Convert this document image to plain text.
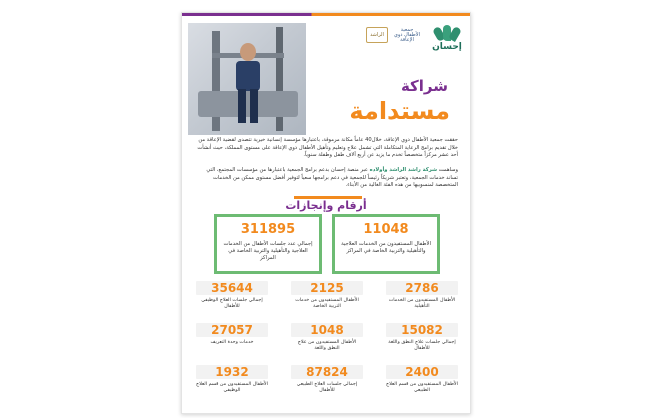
الراشد
جمعية الأطفال ذوي الإعاقة
إحسان
شراكة
مستدامة
حققت جمعية الأطفال ذوي الإعاقة، خلال40 عاماً مكانة مرموقة، باعتبارها مؤسسة إنسانية خيرية تتصدى لقضية الإعاقة من خلال تقديم برامج الرعاية المتكاملة التي تشمل علاج وتعليم وتأهيل الأطفال ذوي الإعاقة على مستوى المملكة، حيث أنشأت أحد عشر مركزاً متخصصاً تخدم ما يزيد عن أربع آلاف طفل وطفلة سنوياً.
وساهمت شركة راشد الراشد وأولاده عبر منصة إحسان بدعم برامج الجمعية باعتبارها من مؤسسات المجتمع، التي تساند خدمات الجمعية، وتعتبر شريكاً رئيساً للجمعية في دعم برامجها سعياً لتوفير أفضل مستوى ممكن من الخدمات المتخصصة لمنسوبيها من هذه الفئة الغالية من الأبناء.
أرقام وإنجازات
11048
الأطفال المستفيدون من الخدمات العلاجية والتأهيلية والتربية الخاصة في المراكز
311895
إجمالي عدد جلسات الأطفال من الخدمات العلاجية والتأهيلية والتربية الخاصة في المراكز
2786
الأطفال المستفيدون من الخدمات التأهيلية
2125
الأطفال المستفيدون من خدمات التربية الخاصة
35644
إجمالي جلسات العلاج الوظيفي للأطفال
15082
إجمالي جلسات علاج النطق واللغة للأطفال
1048
الأطفال المستفيدون من علاج النطق واللغة
27057
خدمات وحدة التعريف
2400
الأطفال المستفيدون من قسم العلاج الطبيعي
87824
إجمالي جلسات العلاج الطبيعي للأطفال
1932
الأطفال المستفيدون من قسم العلاج الوظيفي
